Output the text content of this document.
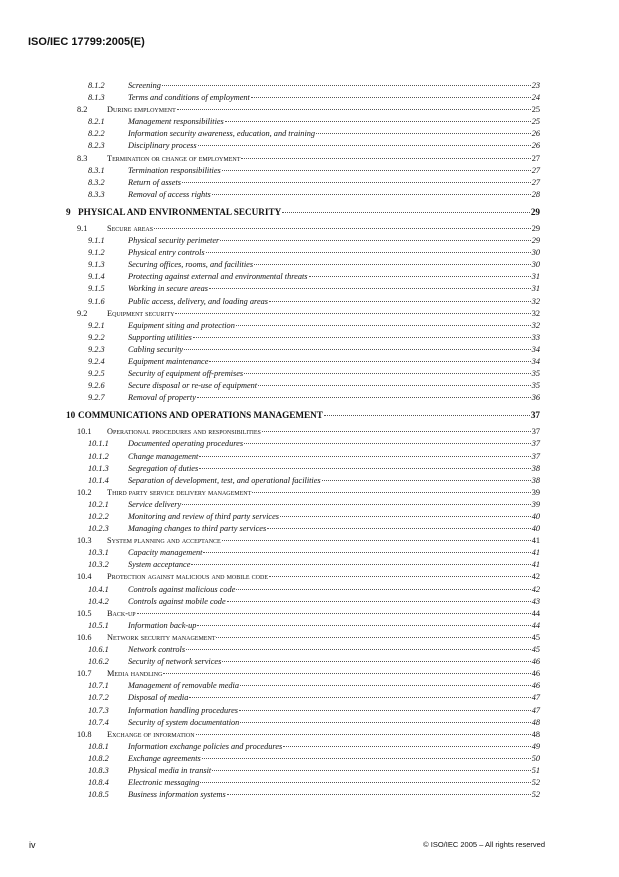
ISO/IEC 17799:2005(E)
8.1.2	Screening	23
8.1.3	Terms and conditions of employment	24
8.2 During employment	25
8.2.1	Management responsibilities	25
8.2.2	Information security awareness, education, and training	26
8.2.3	Disciplinary process	26
8.3 Termination or change of employment	27
8.3.1	Termination responsibilities	27
8.3.2	Return of assets	27
8.3.3	Removal of access rights	28
9 PHYSICAL AND ENVIRONMENTAL SECURITY	29
9.1 Secure areas	29
9.1.1	Physical security perimeter	29
9.1.2	Physical entry controls	30
9.1.3	Securing offices, rooms, and facilities	30
9.1.4	Protecting against external and environmental threats	31
9.1.5	Working in secure areas	31
9.1.6	Public access, delivery, and loading areas	32
9.2 Equipment security	32
9.2.1	Equipment siting and protection	32
9.2.2	Supporting utilities	33
9.2.3	Cabling security	34
9.2.4	Equipment maintenance	34
9.2.5	Security of equipment off-premises	35
9.2.6	Secure disposal or re-use of equipment	35
9.2.7	Removal of property	36
10 COMMUNICATIONS AND OPERATIONS MANAGEMENT	37
10.1 Operational procedures and responsibilities	37
10.1.1 Documented operating procedures	37
10.1.2 Change management	37
10.1.3 Segregation of duties	38
10.1.4 Separation of development, test, and operational facilities	38
10.2 Third party service delivery management	39
10.2.1 Service delivery	39
10.2.2 Monitoring and review of third party services	40
10.2.3 Managing changes to third party services	40
10.3 System planning and acceptance	41
10.3.1 Capacity management	41
10.3.2 System acceptance	41
10.4 Protection against malicious and mobile code	42
10.4.1 Controls against malicious code	42
10.4.2 Controls against mobile code	43
10.5 Back-up	44
10.5.1 Information back-up	44
10.6 Network security management	45
10.6.1 Network controls	45
10.6.2 Security of network services	46
10.7 Media handling	46
10.7.1 Management of removable media	46
10.7.2 Disposal of media	47
10.7.3 Information handling procedures	47
10.7.4 Security of system documentation	48
10.8 Exchange of information	48
10.8.1 Information exchange policies and procedures	49
10.8.2 Exchange agreements	50
10.8.3 Physical media in transit	51
10.8.4 Electronic messaging	52
10.8.5 Business information systems	52
iv	© ISO/IEC 2005 – All rights reserved
